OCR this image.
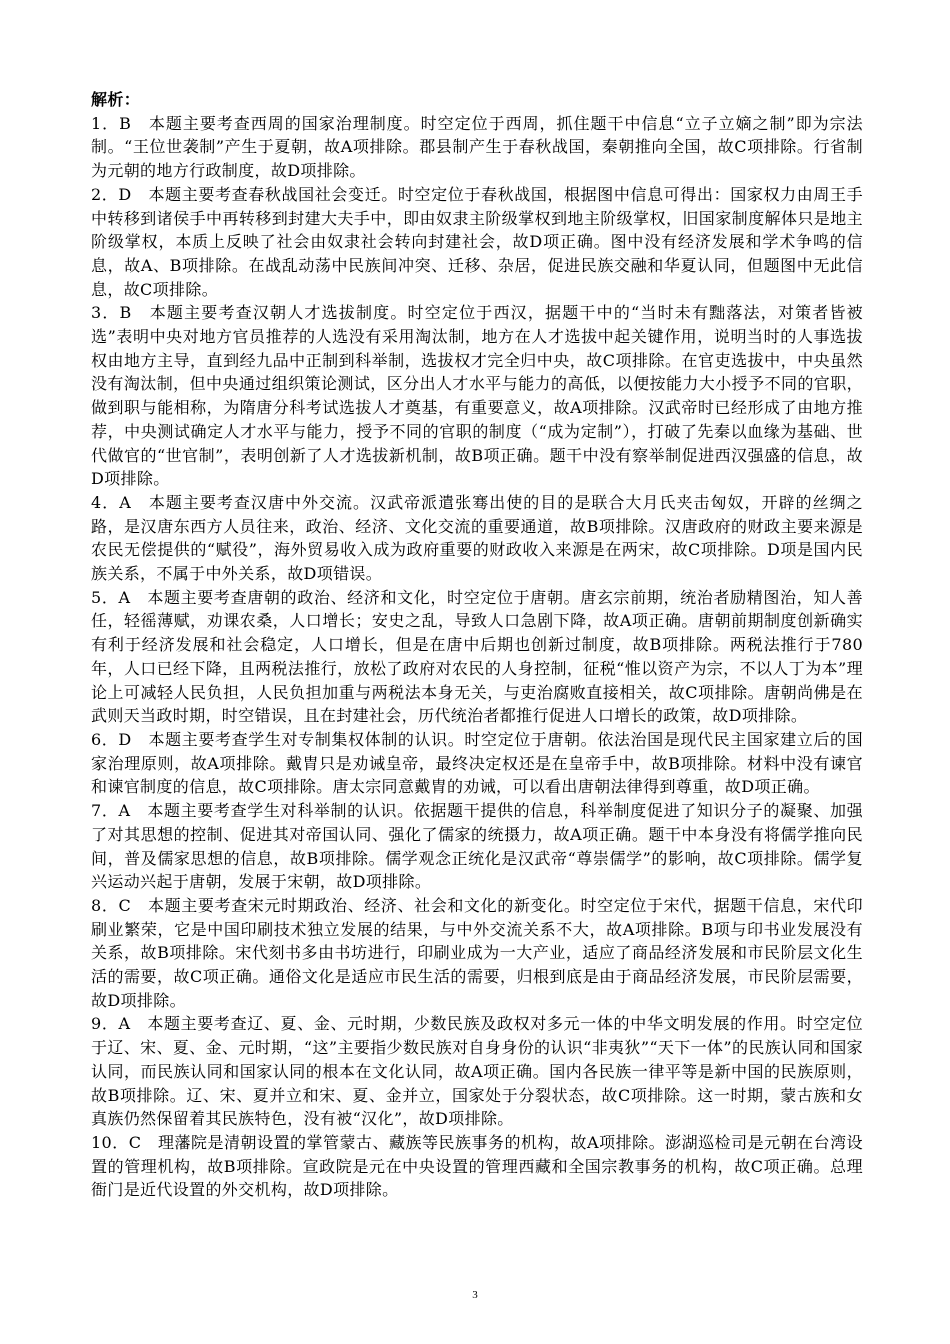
解析：

1．B　本题主要考查西周的国家治理制度。时空定位于西周，抓住题干中信息“立子立嫡之制”即为宗法制。“王位世袭制”产生于夏朝，故A项排除。郡县制产生于春秋战国，秦朝推向全国，故C项排除。行省制为元朝的地方行政制度，故D项排除。

2．D　本题主要考查春秋战国社会变迁。时空定位于春秋战国，根据图中信息可得出：国家权力由周王手中转移到诸侯手中再转移到封建大夫手中，即由奴隶主阶级掌权到地主阶级掌权，旧国家制度解体只是地主阶级掌权，本质上反映了社会由奴隶社会转向封建社会，故D项正确。图中没有经济发展和学术争鸣的信息，故A、B项排除。在战乱动荡中民族间冲突、迁移、杂居，促进民族交融和华夏认同，但题图中无此信息，故C项排除。

3．B　本题主要考查汉朝人才选拔制度。时空定位于西汉，据题干中的“当时未有黜落法，对策者皆被选”表明中央对地方官员推荐的人选没有采用淘汰制，地方在人才选拔中起关键作用，说明当时的人事选拔权由地方主导，直到经九品中正制到科举制，选拔权才完全归中央，故C项排除。在官吏选拔中，中央虽然没有淘汰制，但中央通过组织策论测试，区分出人才水平与能力的高低，以便按能力大小授予不同的官职，做到职与能相称，为隋唐分科考试选拔人才奠基，有重要意义，故A项排除。汉武帝时已经形成了由地方推荐，中央测试确定人才水平与能力，授予不同的官职的制度（“成为定制”），打破了先秦以血缘为基础、世代做官的“世官制”，表明创新了人才选拔新机制，故B项正确。题干中没有察举制促进西汉强盛的信息，故D项排除。

4．A　本题主要考查汉唐中外交流。汉武帝派遣张骞出使的目的是联合大月氏夹击匈奴，开辟的丝绸之路，是汉唐东西方人员往来，政治、经济、文化交流的重要通道，故B项排除。汉唐政府的财政主要来源是农民无偿提供的“赋役”，海外贸易收入成为政府重要的财政收入来源是在两宋，故C项排除。D项是国内民族关系，不属于中外关系，故D项错误。

5．A　本题主要考查唐朝的政治、经济和文化，时空定位于唐朝。唐玄宗前期，统治者励精图治，知人善任，轻徭薄赋，劝课农桑，人口增长；安史之乱，导致人口急剧下降，故A项正确。唐朝前期制度创新确实有利于经济发展和社会稳定，人口增长，但是在唐中后期也创新过制度，故B项排除。两税法推行于780年，人口已经下降，且两税法推行，放松了政府对农民的人身控制，征税“惟以资产为宗，不以人丁为本”理论上可减轻人民负担，人民负担加重与两税法本身无关，与吏治腐败直接相关，故C项排除。唐朝尚佛是在武则天当政时期，时空错误，且在封建社会，历代统治者都推行促进人口增长的政策，故D项排除。

6．D　本题主要考查学生对专制集权体制的认识。时空定位于唐朝。依法治国是现代民主国家建立后的国家治理原则，故A项排除。戴胄只是劝诫皇帝，最终决定权还是在皇帝手中，故B项排除。材料中没有谏官和谏官制度的信息，故C项排除。唐太宗同意戴胄的劝诫，可以看出唐朝法律得到尊重，故D项正确。

7．A　本题主要考查学生对科举制的认识。依据题干提供的信息，科举制度促进了知识分子的凝聚、加强了对其思想的控制、促进其对帝国认同、强化了儒家的统摄力，故A项正确。题干中本身没有将儒学推向民间，普及儒家思想的信息，故B项排除。儒学观念正统化是汉武帝“尊崇儒学”的影响，故C项排除。儒学复兴运动兴起于唐朝，发展于宋朝，故D项排除。

8．C　本题主要考查宋元时期政治、经济、社会和文化的新变化。时空定位于宋代，据题干信息，宋代印刷业繁荣，它是中国印刷技术独立发展的结果，与中外交流关系不大，故A项排除。B项与印书业发展没有关系，故B项排除。宋代刻书多由书坊进行，印刷业成为一大产业，适应了商品经济发展和市民阶层文化生活的需要，故C项正确。通俗文化是适应市民生活的需要，归根到底是由于商品经济发展，市民阶层需要，故D项排除。

9．A　本题主要考查辽、夏、金、元时期，少数民族及政权对多元一体的中华文明发展的作用。时空定位于辽、宋、夏、金、元时期，“这”主要指少数民族对自身身份的认识“非夷狄”“天下一体”的民族认同和国家认同，而民族认同和国家认同的根本在文化认同，故A项正确。国内各民族一律平等是新中国的民族原则，故B项排除。辽、宋、夏并立和宋、夏、金并立，国家处于分裂状态，故C项排除。这一时期，蒙古族和女真族仍然保留着其民族特色，没有被“汉化”，故D项排除。

10．C　理藩院是清朝设置的掌管蒙古、藏族等民族事务的机构，故A项排除。澎湖巡检司是元朝在台湾设置的管理机构，故B项排除。宣政院是元在中央设置的管理西藏和全国宗教事务的机构，故C项正确。总理衙门是近代设置的外交机构，故D项排除。

3
